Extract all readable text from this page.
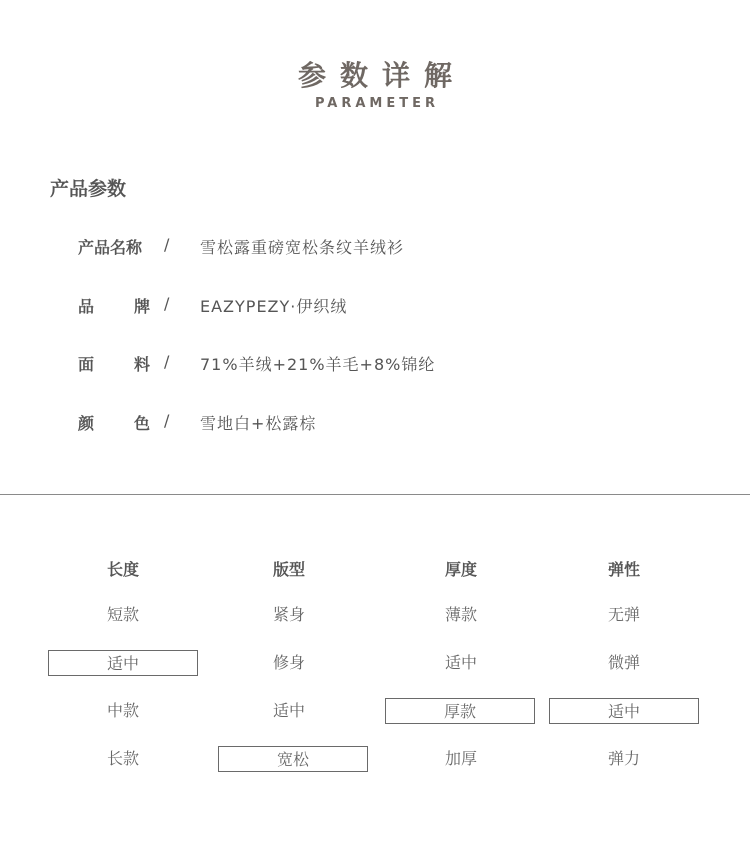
参数详解
PARAMETER
产品参数
产品名称 / 雪松露重磅宽松条纹羊绒衫
品 牌 / EAZYPEZY·伊织绒
面 料 / 71%羊绒+21%羊毛+8%锦纶
颜 色 / 雪地白+松露棕
长度
短款
适中
中款
长款
版型
紧身
修身
适中
宽松
厚度
薄款
适中
厚款
加厚
弹性
无弹
微弹
适中
弹力
